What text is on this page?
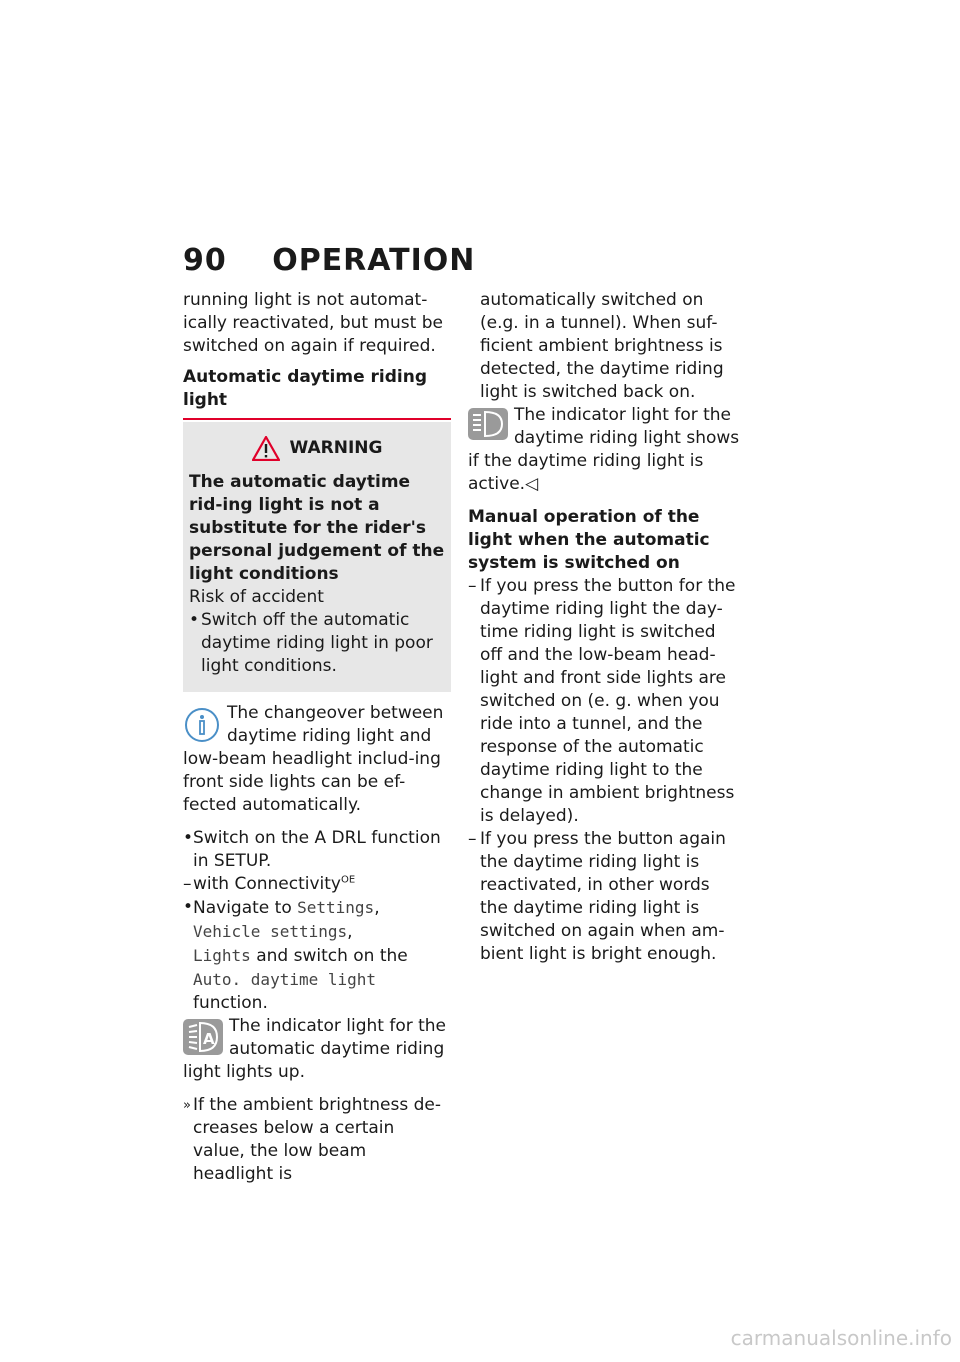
90 OPERATION

running light is not automat-ically reactivated, but must be switched on again if required.

Automatic daytime riding light
WARNING

The automatic daytime rid-ing light is not a substitute for the rider's personal judgement of the light conditions

Risk of accident

• Switch off the automatic daytime riding light in poor light conditions.
The changeover between daytime riding light and low-beam headlight includ-ing front side lights can be ef-fected automatically.
• Switch on the A DRL function
in SETUP.
– with Connectivity$^{OE}$
• Navigate to Settings,
Vehicle settings,
Lights and switch on the
Auto. daytime light
function.
A
The indicator light for the automatic daytime riding light lights up.
» If the ambient brightness de-creases below a certain value, the low beam headlight is

automatically switched on (e.g. in a tunnel). When suf-ficient ambient brightness is detected, the daytime riding light is switched back on.

The indicator light for the daytime riding light shows if the daytime riding light is active.◁

Manual operation of the light when the automatic system is switched on

– If you press the button for the daytime riding light the day-time riding light is switched off and the low-beam head-light and front side lights are switched on (e. g. when you ride into a tunnel, and the response of the automatic daytime riding light to the change in ambient brightness is delayed).
– If you press the button again the daytime riding light is reactivated, in other words the daytime riding light is switched on again when am-bient light is bright enough.
carmanualsonline.info
